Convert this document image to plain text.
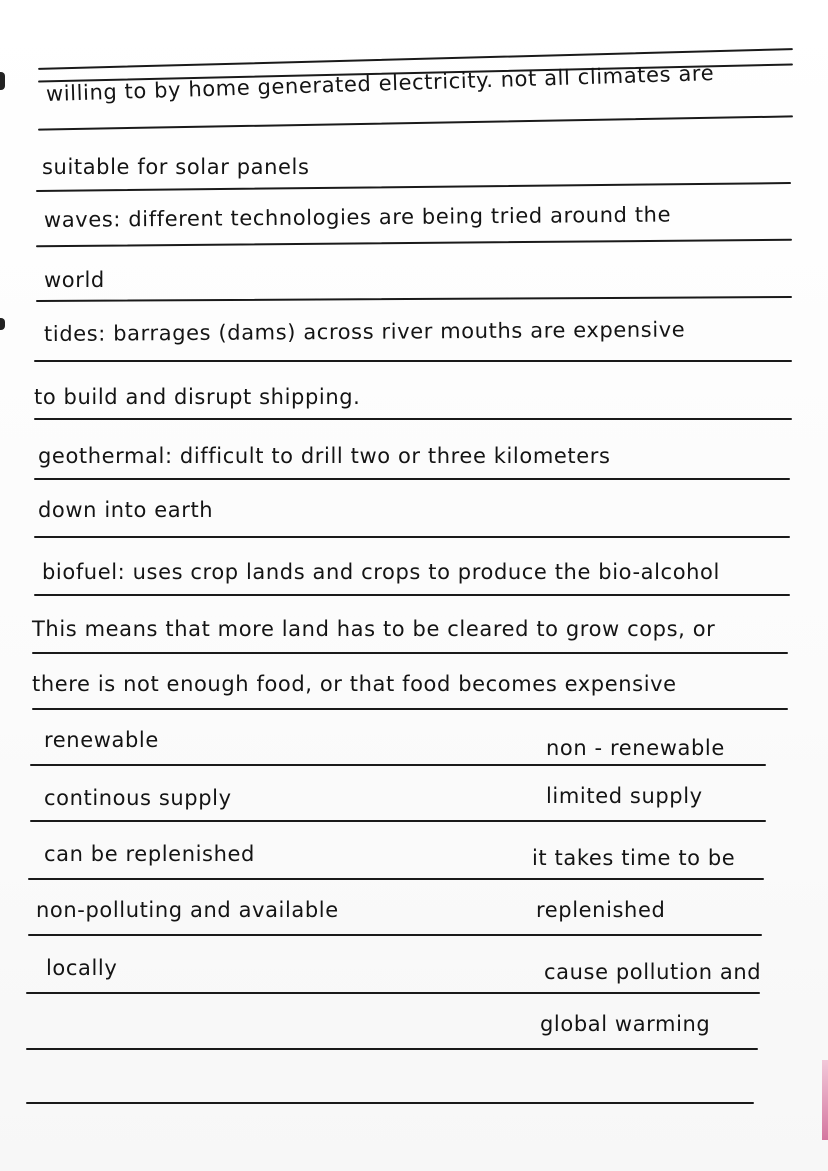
willing to by home generated electricity. not all climates are
suitable for solar panels
waves: different technologies are being tried around the
world
tides: barrages (dams) across river mouths are expensive
to build and disrupt shipping.
geothermal: difficult to drill two or three kilometers
down into earth
biofuel: uses crop lands and crops to produce the bio-alcohol
This means that more land has to be cleared to grow cops, or
there is not enough food, or that food becomes expensive
renewable	non - renewable
continous supply	limited supply
can be replenished	it takes time to be
non-polluting and available	replenished
locally	cause pollution and
global warming
